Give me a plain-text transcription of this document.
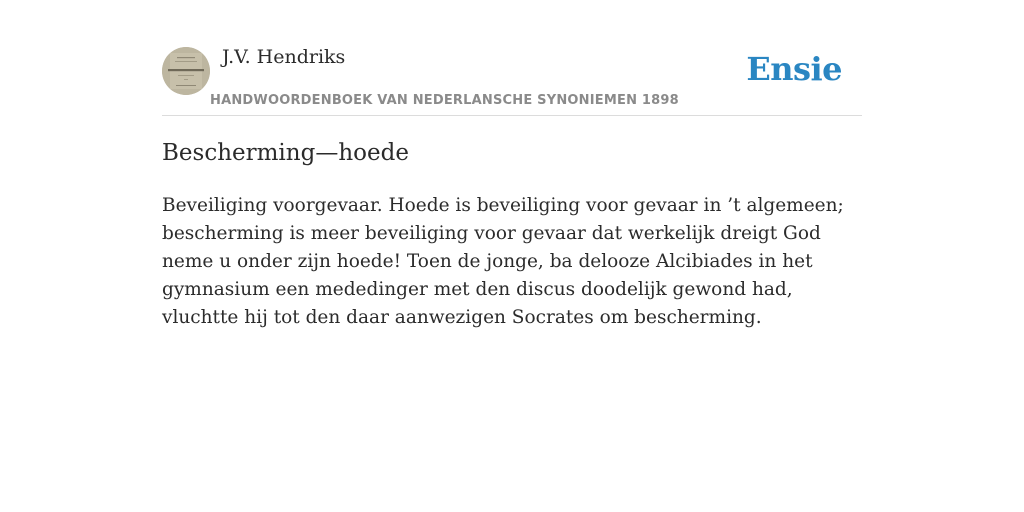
J.V. Hendriks
HANDWOORDENBOEK VAN NEDERLANSCHE SYNONIEMEN 1898
Ensie
Bescherming—hoede

Beveiliging voorgevaar. Hoede is beveiliging voor gevaar in ’t algemeen; bescherming is meer beveiliging voor gevaar dat werkelijk dreigt God neme u onder zijn hoede! Toen de jonge, ba delooze Alcibiades in het gymnasium een mededinger met den discus doodelijk gewond had, vluchtte hij tot den daar aanwezigen Socrates om bescherming.
